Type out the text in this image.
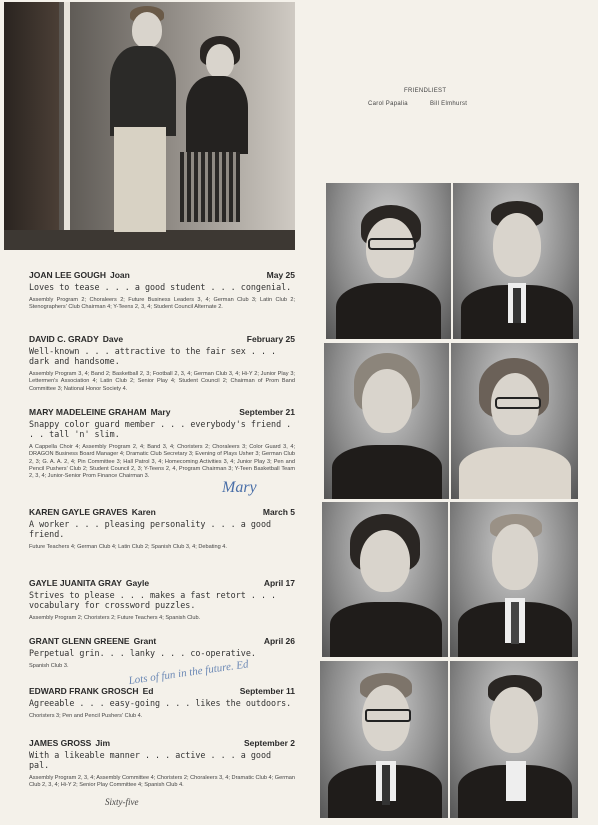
FRIENDLIEST
Carol Papalia	Bill Elmhurst
JOAN LEE GOUGH Joan	May 25
Loves to tease . . . a good student . . . congenial.
Assembly Program 2; Choraleers 2; Future Business Leaders 3, 4; German Club 3; Latin Club 2; Stenographers' Club Chairman 4; Y-Teens 2, 3, 4; Student Council Alternate 2.
DAVID C. GRADY Dave	February 25
Well-known . . . attractive to the fair sex . . . dark and handsome.
Assembly Program 3, 4; Band 2; Basketball 2, 3; Football 2, 3, 4; German Club 3, 4; Hi-Y 2; Junior Play 3; Lettermen's Association 4; Latin Club 2; Senior Play 4; Student Council 2; Chairman of Prom Band Committee 3; National Honor Society 4.
MARY MADELEINE GRAHAM Mary	September 21
Snappy color guard member . . . everybody's friend . . . tall 'n' slim.
A Cappella Choir 4; Assembly Program 2, 4; Band 3, 4; Choristers 2; Choraleers 3; Color Guard 3, 4; DRAGON Business Board Manager 4; Dramatic Club Secretary 3; Evening of Plays Usher 3; German Club 2, 3; G. A. A. 2, 4; Pin Committee 3; Hall Patrol 3, 4; Homecoming Activities 3, 4; Junior Play 3; Pen and Pencil Pushers' Club 2; Student Council 2, 3; Y-Teens 2, 4, Program Chairman 3; Y-Teen Basketball Team 2, 3, 4; Junior-Senior Prom Finance Chairman 3.
Mary
KAREN GAYLE GRAVES Karen	March 5
A worker . . . pleasing personality . . . a good friend.
Future Teachers 4; German Club 4; Latin Club 2; Spanish Club 3, 4; Debating 4.
GAYLE JUANITA GRAY Gayle	April 17
Strives to please . . . makes a fast retort . . . vocabulary for crossword puzzles.
Assembly Program 2; Choristers 2; Future Teachers 4; Spanish Club.
GRANT GLENN GREENE Grant	April 26
Perpetual grin. . . lanky . . . co-operative.
Spanish Club 3.
EDWARD FRANK GROSCH Ed	September 11
Agreeable . . . easy-going . . . likes the outdoors.
Choristers 3; Pen and Pencil Pushers' Club 4.
Lots of fun in the future. Ed
JAMES GROSS Jim	September 2
With a likeable manner . . . active . . . a good pal.
Assembly Program 2, 3, 4; Assembly Committee 4; Choristers 2; Choraleers 3, 4; Dramatic Club 4; German Club 2, 3, 4; Hi-Y 2; Senior Play Committee 4; Spanish Club 4.
Sixty-five
